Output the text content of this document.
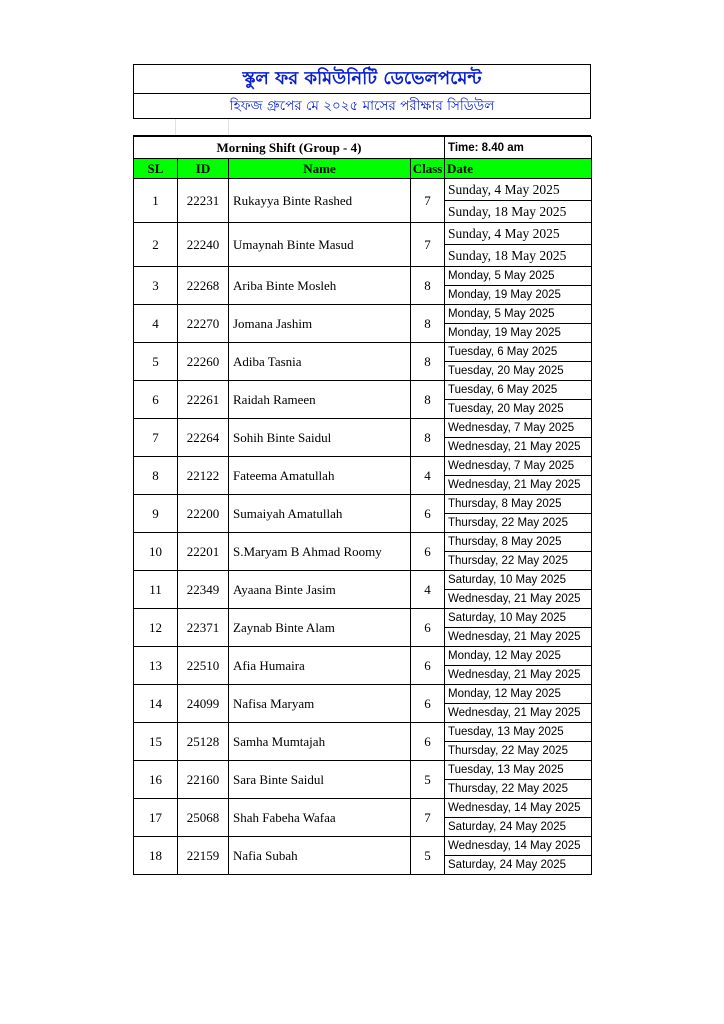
স্কুল ফর কমিউনিটি ডেভেলপমেন্ট
হিফজ গ্রুপের মে ২০২৫ মাসের পরীক্ষার সিডিউল
Morning Shift (Group - 4)				Time: 8.40 am
SL	ID	Name	Class	Date
1	22231	Rukayya Binte Rashed	7	Sunday, 4 May 2025
				Sunday, 18 May 2025
2	22240	Umaynah Binte Masud	7	Sunday, 4 May 2025
				Sunday, 18 May 2025
3	22268	Ariba Binte Mosleh	8	Monday, 5 May 2025
				Monday, 19 May 2025
4	22270	Jomana Jashim	8	Monday, 5 May 2025
				Monday, 19 May 2025
5	22260	Adiba Tasnia	8	Tuesday, 6 May 2025
				Tuesday, 20 May 2025
6	22261	Raidah Rameen	8	Tuesday, 6 May 2025
				Tuesday, 20 May 2025
7	22264	Sohih Binte Saidul	8	Wednesday, 7 May 2025
				Wednesday, 21 May 2025
8	22122	Fateema Amatullah	4	Wednesday, 7 May 2025
				Wednesday, 21 May 2025
9	22200	Sumaiyah Amatullah	6	Thursday, 8 May 2025
				Thursday, 22 May 2025
10	22201	S.Maryam B Ahmad Roomy	6	Thursday, 8 May 2025
				Thursday, 22 May 2025
11	22349	Ayaana Binte Jasim	4	Saturday, 10 May 2025
				Wednesday, 21 May 2025
12	22371	Zaynab Binte Alam	6	Saturday, 10 May 2025
				Wednesday, 21 May 2025
13	22510	Afia Humaira	6	Monday, 12 May 2025
				Wednesday, 21 May 2025
14	24099	Nafisa Maryam	6	Monday, 12 May 2025
				Wednesday, 21 May 2025
15	25128	Samha Mumtajah	6	Tuesday, 13 May 2025
				Thursday, 22 May 2025
16	22160	Sara Binte Saidul	5	Tuesday, 13 May 2025
				Thursday, 22 May 2025
17	25068	Shah Fabeha Wafaa	7	Wednesday, 14 May 2025
				Saturday, 24 May 2025
18	22159	Nafia Subah	5	Wednesday, 14 May 2025
				Saturday, 24 May 2025
